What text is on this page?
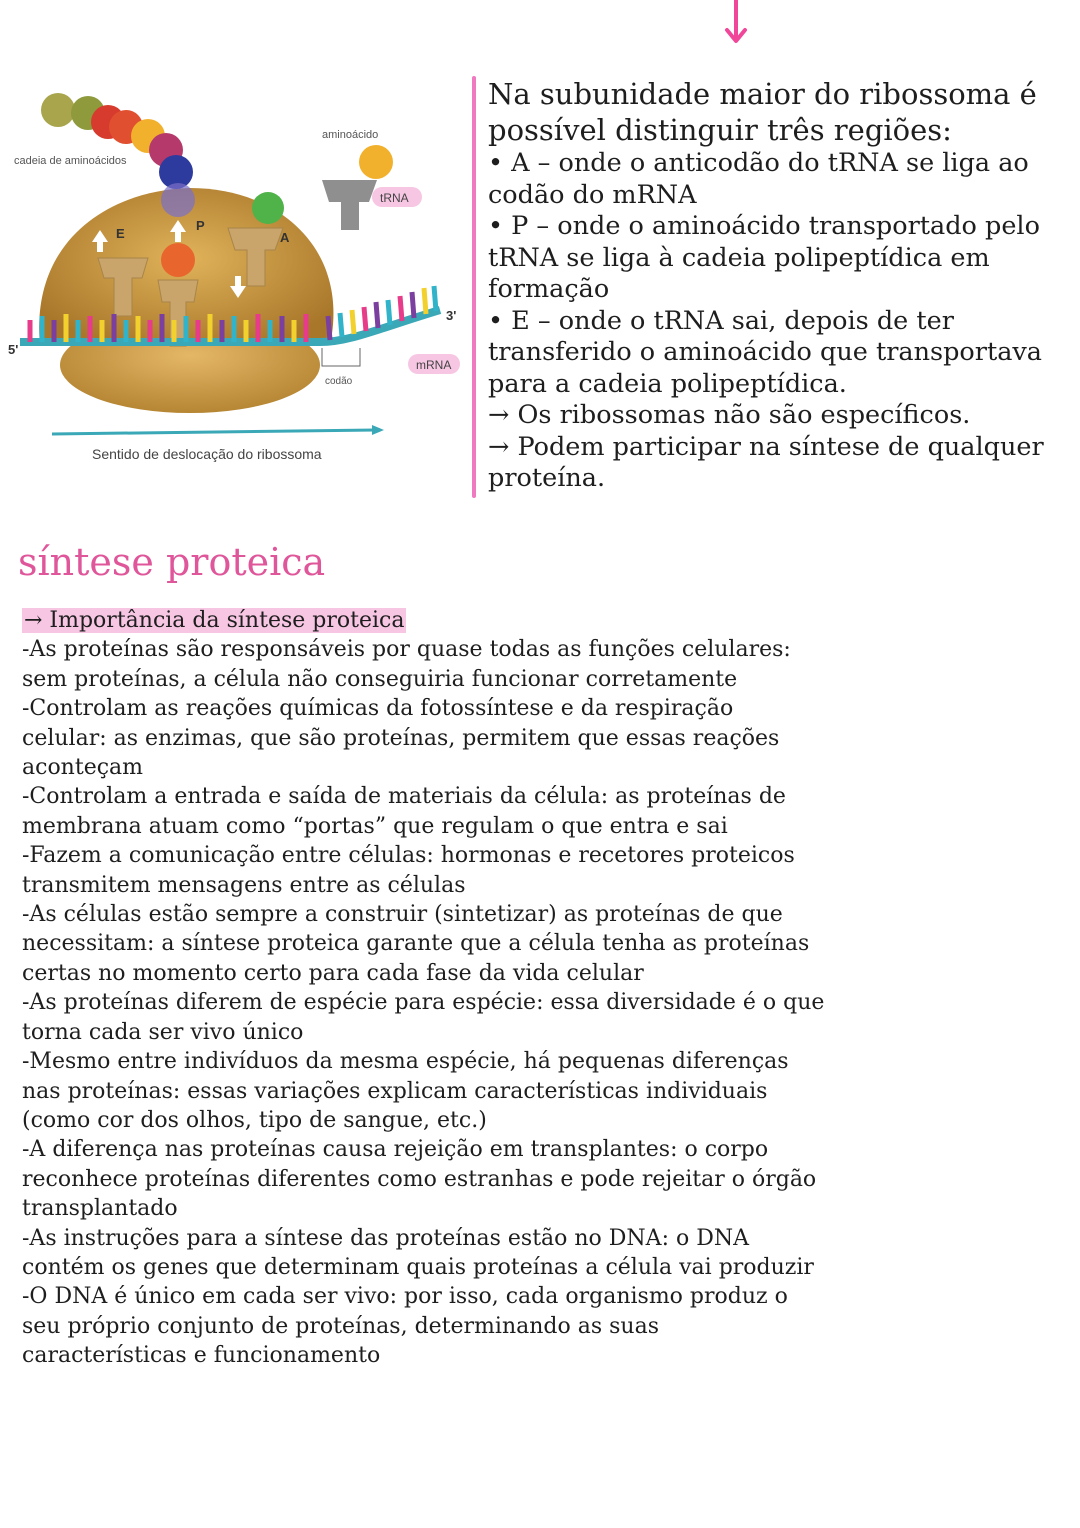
cadeia de aminoácidos
aminoácido
tRNA
E
P
A
5'
3'
mRNA
codão
Sentido de deslocação do ribossoma
Na subunidade maior do ribossoma é possível distinguir três regiões:
• A – onde o anticodão do tRNA se liga ao codão do mRNA
• P – onde o aminoácido transportado pelo tRNA se liga à cadeia polipeptídica em formação
• E – onde o tRNA sai, depois de ter transferido o aminoácido que transportava para a cadeia polipeptídica.
→ Os ribossomas não são específicos.
→ Podem participar na síntese de qualquer proteína.
síntese proteica
→ Importância da síntese proteica
-As proteínas são responsáveis por quase todas as funções celulares:
sem proteínas, a célula não conseguiria funcionar corretamente
-Controlam as reações químicas da fotossíntese e da respiração
celular: as enzimas, que são proteínas, permitem que essas reações
aconteçam
-Controlam a entrada e saída de materiais da célula: as proteínas de
membrana atuam como “portas” que regulam o que entra e sai
-Fazem a comunicação entre células: hormonas e recetores proteicos
transmitem mensagens entre as células
-As células estão sempre a construir (sintetizar) as proteínas de que
necessitam: a síntese proteica garante que a célula tenha as proteínas
certas no momento certo para cada fase da vida celular
-As proteínas diferem de espécie para espécie: essa diversidade é o que
torna cada ser vivo único
-Mesmo entre indivíduos da mesma espécie, há pequenas diferenças
nas proteínas: essas variações explicam características individuais
(como cor dos olhos, tipo de sangue, etc.)
-A diferença nas proteínas causa rejeição em transplantes: o corpo
reconhece proteínas diferentes como estranhas e pode rejeitar o órgão
transplantado
-As instruções para a síntese das proteínas estão no DNA: o DNA
contém os genes que determinam quais proteínas a célula vai produzir
-O DNA é único em cada ser vivo: por isso, cada organismo produz o
seu próprio conjunto de proteínas, determinando as suas
características e funcionamento
